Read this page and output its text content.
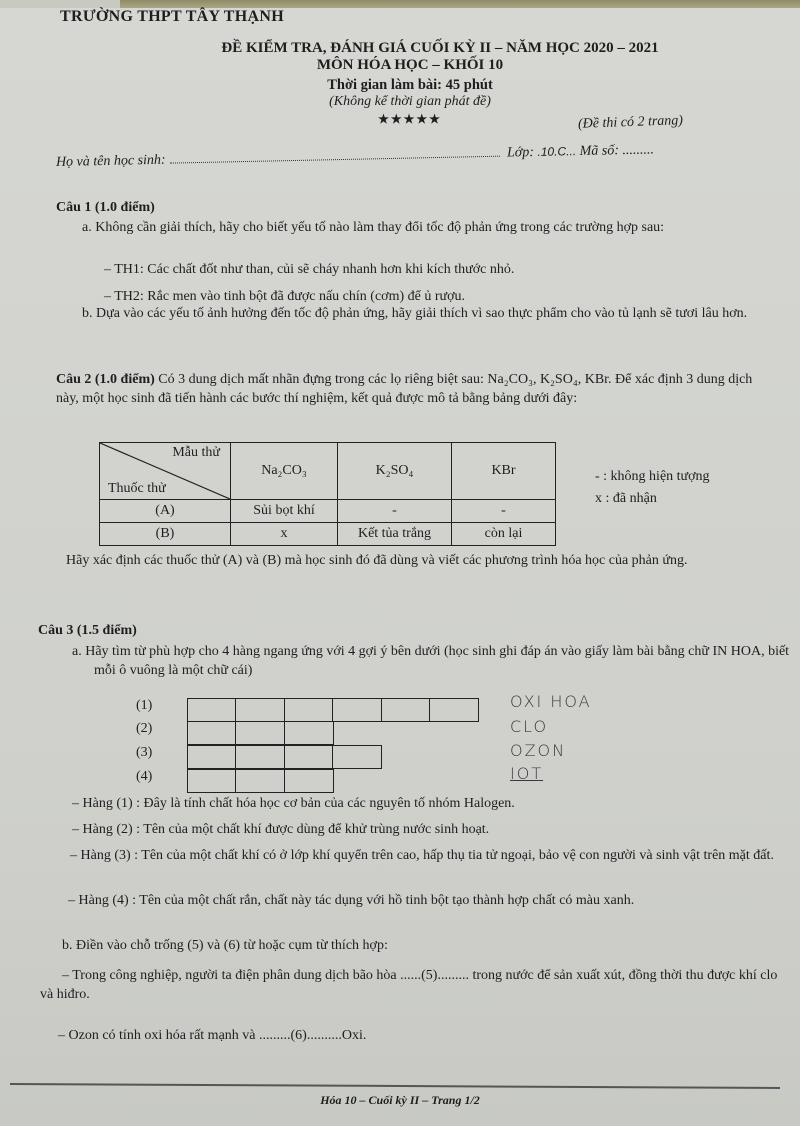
TRƯỜNG THPT TÂY THẠNH
ĐỀ KIỂM TRA, ĐÁNH GIÁ CUỐI KỲ II – NĂM HỌC 2020 – 2021
MÔN HÓA HỌC – KHỐI 10
Thời gian làm bài: 45 phút
(Không kể thời gian phát đề)
★★★★★	(Đề thi có 2 trang)
Họ và tên học sinh:	Lớp: .10.C... Mã số: .........
Câu 1 (1.0 điểm)
a. Không cần giải thích, hãy cho biết yếu tố nào làm thay đổi tốc độ phản ứng trong các trường hợp sau:
– TH1: Các chất đốt như than, củi sẽ cháy nhanh hơn khi kích thước nhỏ.
– TH2: Rắc men vào tinh bột đã được nấu chín (cơm) để ủ rượu.
b. Dựa vào các yếu tố ảnh hưởng đến tốc độ phản ứng, hãy giải thích vì sao thực phẩm cho vào tủ lạnh sẽ tươi lâu hơn.
Câu 2 (1.0 điểm) Có 3 dung dịch mất nhãn đựng trong các lọ riêng biệt sau: Na₂CO₃, K₂SO₄, KBr. Để xác định 3 dung dịch này, một học sinh đã tiến hành các bước thí nghiệm, kết quả được mô tả bằng bảng dưới đây:
Mẫu thử
Thuốc thử	Na₂CO₃	K₂SO₄	KBr
(A)	Sủi bọt khí	-	-
(B)	x	Kết tủa trắng	còn lại
- : không hiện tượng
x : đã nhận
Hãy xác định các thuốc thử (A) và (B) mà học sinh đó đã dùng và viết các phương trình hóa học của phản ứng.
Câu 3 (1.5 điểm)
a. Hãy tìm từ phù hợp cho 4 hàng ngang ứng với 4 gợi ý bên dưới (học sinh ghi đáp án vào giấy làm bài bằng chữ IN HOA, biết mỗi ô vuông là một chữ cái)
(1)
(2)
(3)
(4)
OXI HOA
CLO
OZON
IOT
– Hàng (1) : Đây là tính chất hóa học cơ bản của các nguyên tố nhóm Halogen.
– Hàng (2) : Tên của một chất khí được dùng để khử trùng nước sinh hoạt.
– Hàng (3) : Tên của một chất khí có ở lớp khí quyển trên cao, hấp thụ tia tử ngoại, bảo vệ con người và sinh vật trên mặt đất.
– Hàng (4) : Tên của một chất rắn, chất này tác dụng với hồ tinh bột tạo thành hợp chất có màu xanh.
b. Điền vào chỗ trống (5) và (6) từ hoặc cụm từ thích hợp:
– Trong công nghiệp, người ta điện phân dung dịch bão hòa ......(5)......... trong nước để sản xuất xút, đồng thời thu được khí clo và hiđro.
– Ozon có tính oxi hóa rất mạnh và .........(6)..........Oxi.
Hóa 10 – Cuối kỳ II – Trang 1/2
